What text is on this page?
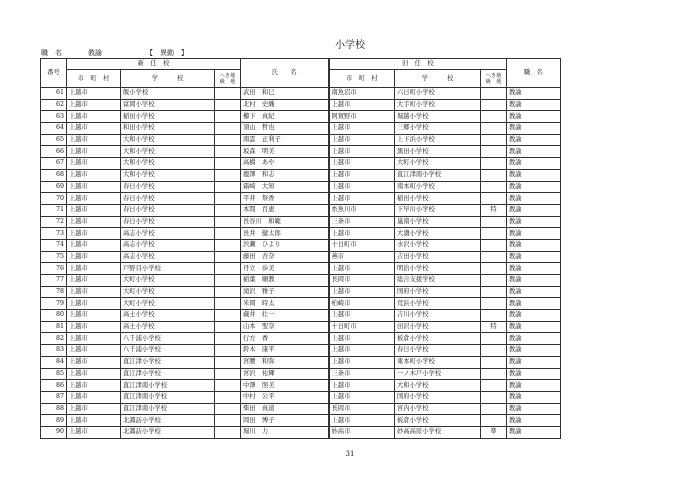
小学校
職　名	教諭	【　異動　】
番号	新　任　校			氏　　名	旧　任　校			職　名
	市　町　村	学　　　校	へき地
級　地		市　町　村	学　　　校	へき地
級　地	
61	上越市	飯小学校		武田　和巳	南魚沼市	六日町小学校		教諭
62	上越市	富岡小学校		北村　史織	上越市	大手町小学校		教諭
63	上越市	稲田小学校		櫛下　真紀	阿賀野市	堀越小学校		教諭
64	上越市	和田小学校		須山　哲也	上越市	三郷小学校		教諭
65	上越市	大和小学校		南雲　正利子	上越市	上下浜小学校		教諭
66	上越市	大和小学校		坂森　明美	上越市	黒田小学校		教諭
67	上越市	大和小学校		高橋　あや	上越市	大町小学校		教諭
68	上越市	大和小学校		鹿澤　和志	上越市	直江津南小学校		教諭
69	上越市	春日小学校		霜崎　大知	上越市	南本町小学校		教諭
70	上越市	春日小学校		平井　祭香	上越市	稲田小学校		教諭
71	上越市	春日小学校		本間　百恵	糸魚川市	下早川小学校	特	教諭
72	上越市	春日小学校		長谷川　和範	三条市	嵐南小学校		教諭
73	上越市	高志小学校		長井　健太郎	上越市	大瀁小学校		教諭
74	上越市	高志小学校		渋瀬　ひより	十日町市	水沢小学校		教諭
75	上越市	高志小学校		藤田　杏奈	燕市	吉田小学校		教諭
76	上越市	戸野目小学校		丹立　歩美	上越市	明治小学校		教諭
77	上越市	大町小学校		稲葉　順教	長岡市	総合支援学校		教諭
78	上越市	大町小学校		滝沢　雅子	上越市	国府小学校		教諭
79	上越市	大町小学校		米岡　時太	柏崎市	荒浜小学校		教諭
80	上越市	高士小学校		蔵井　壮一	上越市	吉川小学校		教諭
81	上越市	高士小学校		山本　聖奈	十日町市	田沢小学校	特	教諭
82	上越市	八千浦小学校		行方　香	上越市	板倉小学校		教諭
83	上越市	八千浦小学校		鈴木　康平	上越市	春日小学校		教諭
84	上越市	直江津小学校		宮腰　和弥	上越市	東本町小学校		教諭
85	上越市	直江津小学校		宮沢　祐輝	三条市	一ノ木戸小学校		教諭
86	上越市	直江津南小学校		中澤　照美	上越市	大和小学校		教諭
87	上越市	直江津南小学校		中村　公平	上越市	国府小学校		教諭
88	上越市	直江津南小学校		柴田　真道	長岡市	宮内小学校		教諭
89	上越市	北諏訪小学校		岡田　博子	上越市	板倉小学校		教諭
90	上越市	北諏訪小学校		堀川　力	妙高市	妙高高原小学校	準	教諭
31
